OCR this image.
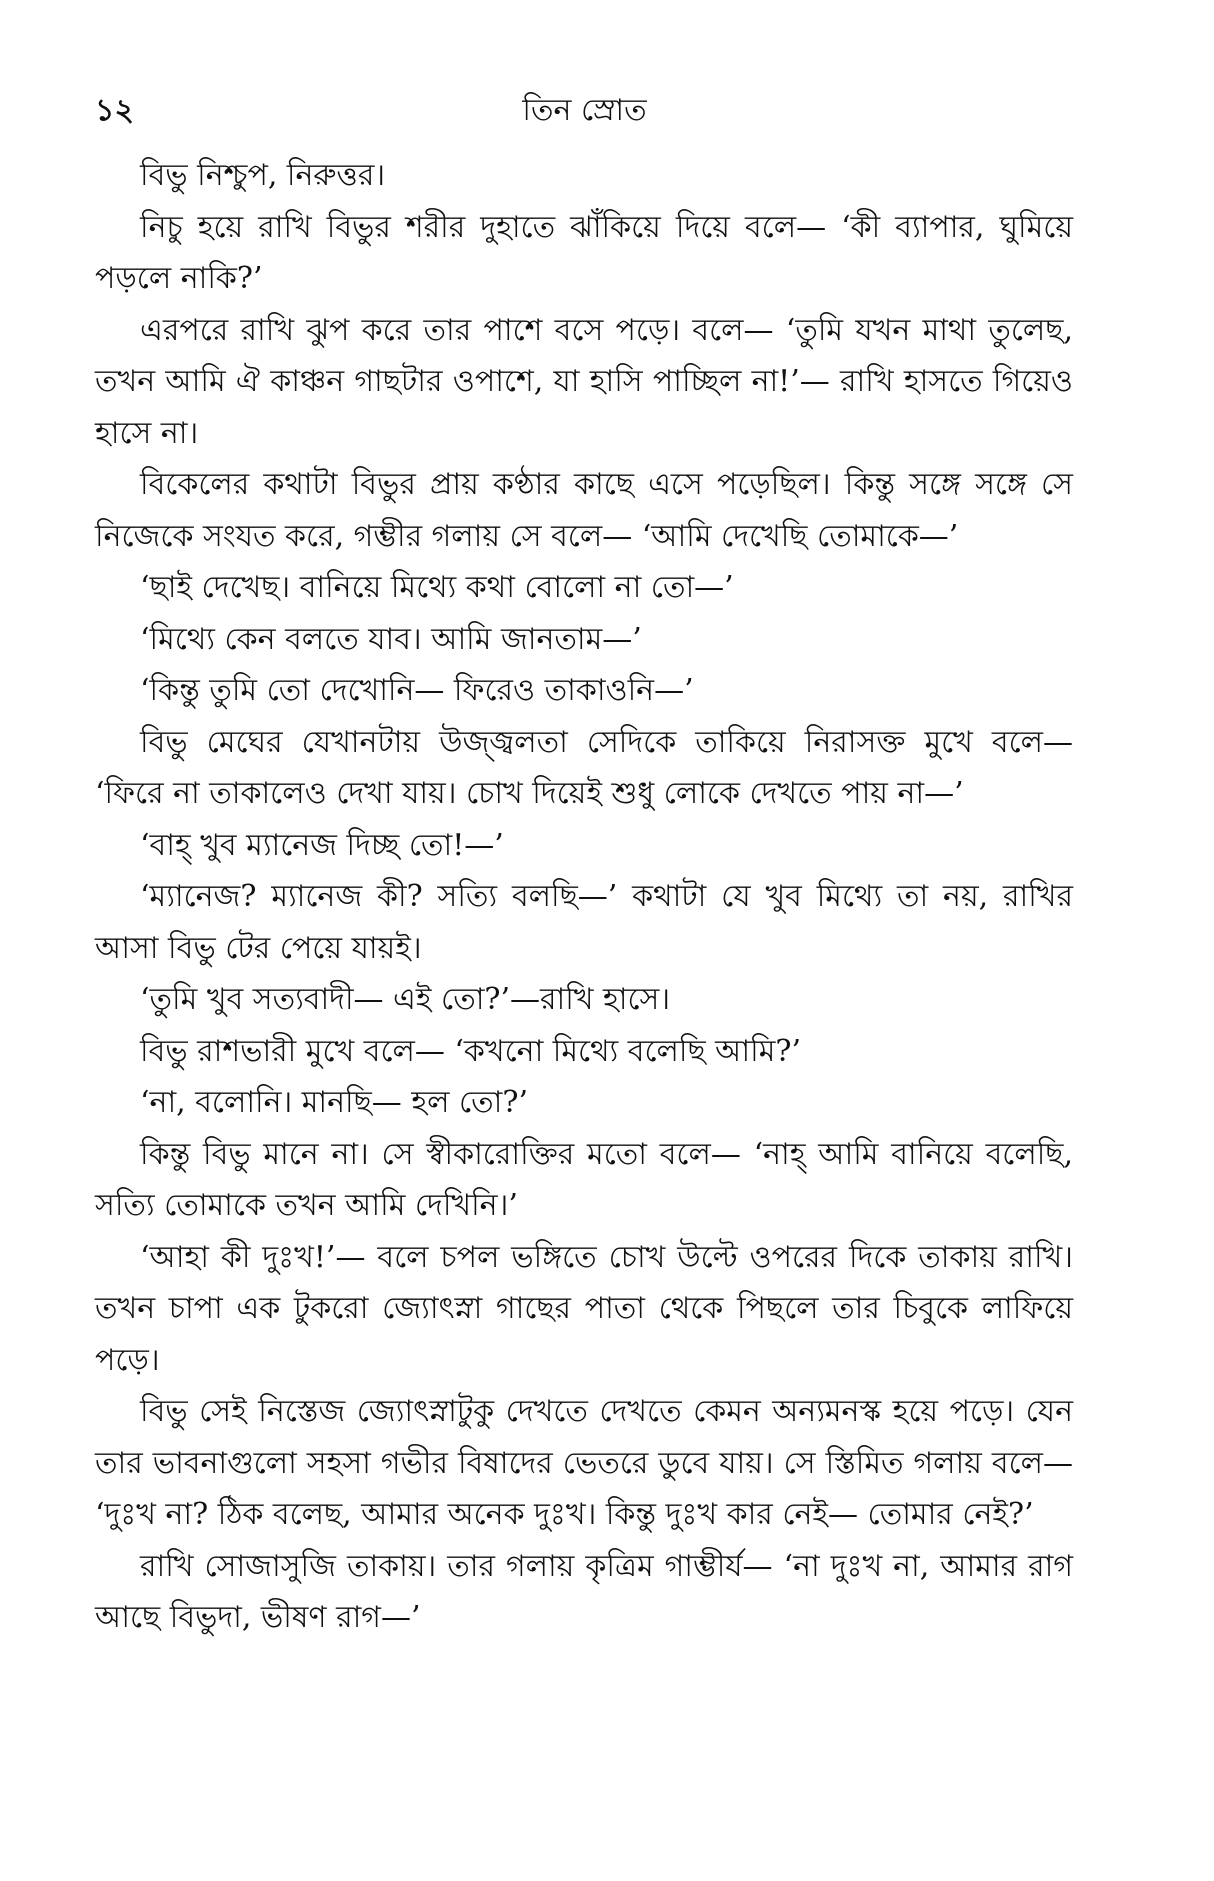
১২	তিন স্রোত

বিভু নিশ্চুপ, নিরুত্তর।

নিচু হয়ে রাখি বিভুর শরীর দুহাতে ঝাঁকিয়ে দিয়ে বলে— ‘কী ব্যাপার, ঘুমিয়ে পড়লে নাকি?’

এরপরে রাখি ঝুপ করে তার পাশে বসে পড়ে। বলে— ‘তুমি যখন মাথা তুলেছ, তখন আমি ঐ কাঞ্চন গাছটার ওপাশে, যা হাসি পাচ্ছিল না!’— রাখি হাসতে গিয়েও হাসে না।

বিকেলের কথাটা বিভুর প্রায় কণ্ঠার কাছে এসে পড়েছিল। কিন্তু সঙ্গে সঙ্গে সে নিজেকে সংযত করে, গম্ভীর গলায় সে বলে— ‘আমি দেখেছি তোমাকে—’

‘ছাই দেখেছ। বানিয়ে মিথ্যে কথা বোলো না তো—’

‘মিথ্যে কেন বলতে যাব। আমি জানতাম—’

‘কিন্তু তুমি তো দেখোনি— ফিরেও তাকাওনি—’

বিভু মেঘের যেখানটায় উজ্জ্বলতা সেদিকে তাকিয়ে নিরাসক্ত মুখে বলে— ‘ফিরে না তাকালেও দেখা যায়। চোখ দিয়েই শুধু লোকে দেখতে পায় না—’

‘বাহ্ খুব ম্যানেজ দিচ্ছ তো!—’

‘ম্যানেজ? ম্যানেজ কী? সত্যি বলছি—’ কথাটা যে খুব মিথ্যে তা নয়, রাখির আসা বিভু টের পেয়ে যায়ই।

‘তুমি খুব সত্যবাদী— এই তো?’—রাখি হাসে।

বিভু রাশভারী মুখে বলে— ‘কখনো মিথ্যে বলেছি আমি?’

‘না, বলোনি। মানছি— হল তো?’

কিন্তু বিভু মানে না। সে স্বীকারোক্তির মতো বলে— ‘নাহ্ আমি বানিয়ে বলেছি, সত্যি তোমাকে তখন আমি দেখিনি।’

‘আহা কী দুঃখ!’— বলে চপল ভঙ্গিতে চোখ উল্টে ওপরের দিকে তাকায় রাখি। তখন চাপা এক টুকরো জ্যোৎস্না গাছের পাতা থেকে পিছলে তার চিবুকে লাফিয়ে পড়ে।

বিভু সেই নিস্তেজ জ্যোৎস্নাটুকু দেখতে দেখতে কেমন অন্যমনস্ক হয়ে পড়ে। যেন তার ভাবনাগুলো সহসা গভীর বিষাদের ভেতরে ডুবে যায়। সে স্তিমিত গলায় বলে— ‘দুঃখ না? ঠিক বলেছ, আমার অনেক দুঃখ। কিন্তু দুঃখ কার নেই— তোমার নেই?’

রাখি সোজাসুজি তাকায়। তার গলায় কৃত্রিম গাম্ভীর্য— ‘না দুঃখ না, আমার রাগ আছে বিভুদা, ভীষণ রাগ—’
